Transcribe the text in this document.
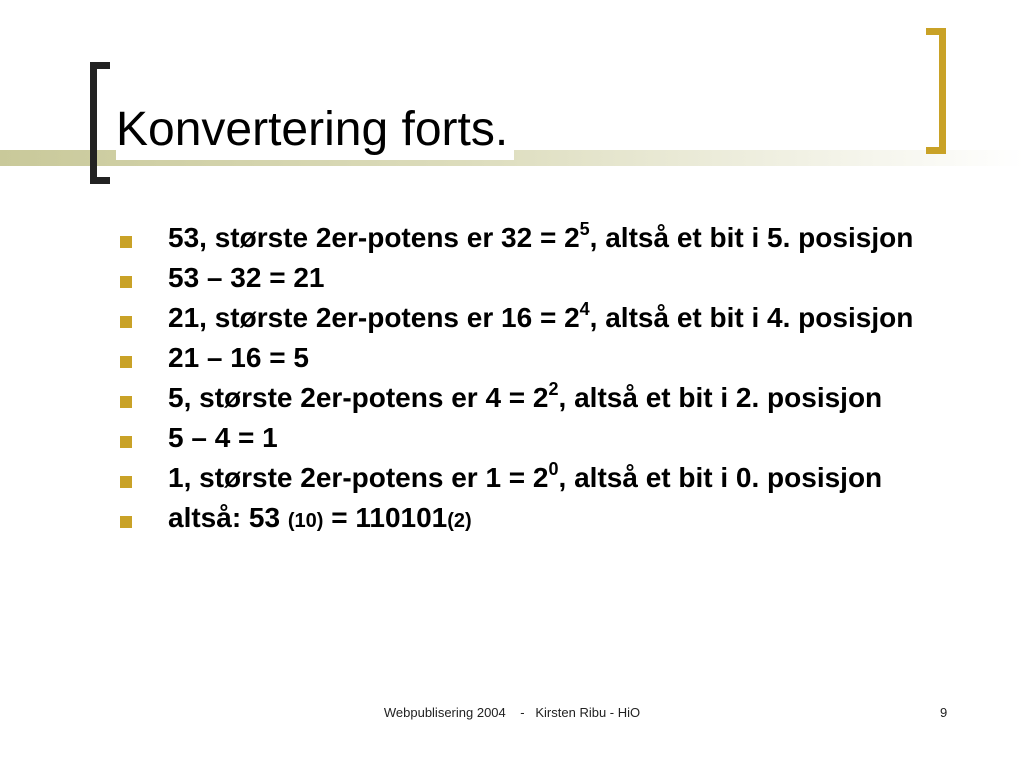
Konvertering forts.
53, største 2er-potens er $32 = 2^5$, altså et bit i 5. posisjon
53 – 32 = 21
21, største 2er-potens er $16 = 2^4$, altså et bit i 4. posisjon
21 – 16 = 5
5, største 2er-potens er $4 = 2^2$, altså et bit i 2. posisjon
5 – 4 = 1
1, største 2er-potens er $1 = 2^0$, altså et bit i 0. posisjon
altså: 53 (10) = 110101(2)
Webpublisering 2004    -   Kirsten Ribu - HiO	9
